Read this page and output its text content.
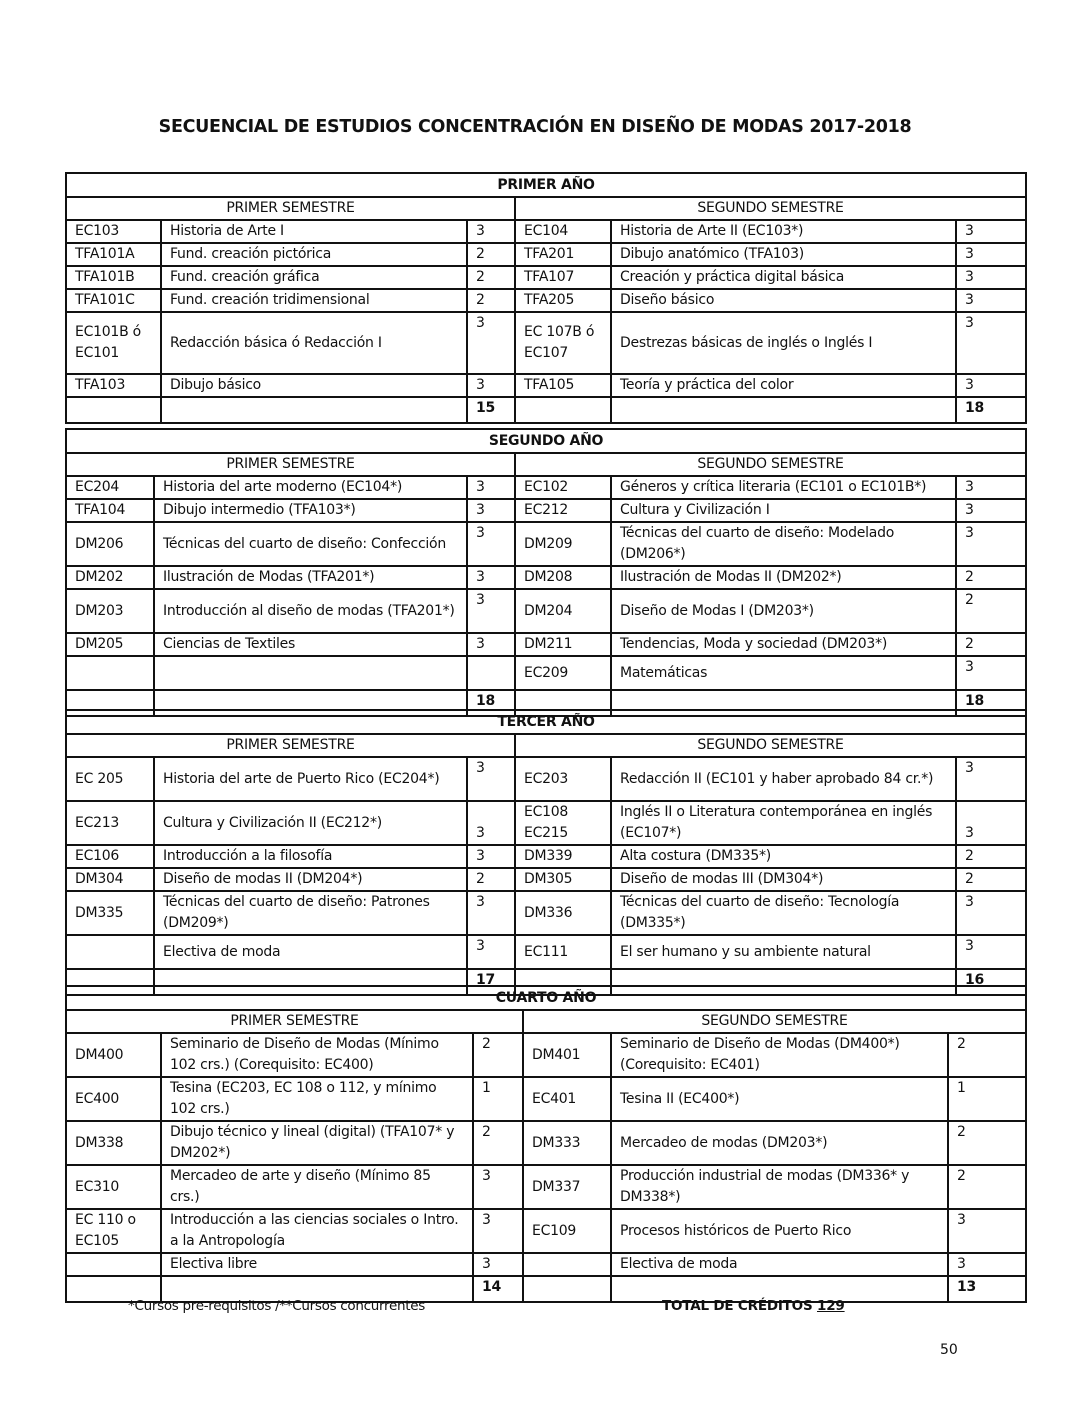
SECUENCIAL DE ESTUDIOS CONCENTRACIÓN EN DISEÑO DE MODAS 2017-2018
PRIMER AÑO					
PRIMER SEMESTRE			SEGUNDO SEMESTRE		
EC103	Historia de Arte I	3	EC104	Historia de Arte II (EC103*)	3
TFA101A	Fund. creación pictórica	2	TFA201	Dibujo anatómico (TFA103)	3
TFA101B	Fund. creación gráfica	2	TFA107	Creación y práctica digital básica	3
TFA101C	Fund. creación tridimensional	2	TFA205	Diseño básico	3
EC101B ó EC101	Redacción básica ó Redacción I	3	EC 107B ó EC107	Destrezas básicas de inglés o Inglés I	3
TFA103	Dibujo básico	3	TFA105	Teoría y práctica del color	3
		15			18
SEGUNDO AÑO					
PRIMER SEMESTRE			SEGUNDO SEMESTRE		
EC204	Historia del arte moderno (EC104*)	3	EC102	Géneros y crítica literaria (EC101 o EC101B*)	3
TFA104	Dibujo intermedio (TFA103*)	3	EC212	Cultura y Civilización I	3
DM206	Técnicas del cuarto de diseño: Confección	3	DM209	Técnicas del cuarto de diseño: Modelado (DM206*)	3
DM202	Ilustración de Modas (TFA201*)	3	DM208	Ilustración de Modas II (DM202*)	2
DM203	Introducción al diseño de modas (TFA201*)	3	DM204	Diseño de Modas I (DM203*)	2
DM205	Ciencias de Textiles	3	DM211	Tendencias, Moda y sociedad (DM203*)	2
			EC209	Matemáticas	3
		18			18
TERCER AÑO					
PRIMER SEMESTRE			SEGUNDO SEMESTRE		
EC 205	Historia del arte de Puerto Rico (EC204*)	3	EC203	Redacción II (EC101 y haber aprobado 84 cr.*)	3
EC213	Cultura y Civilización II (EC212*)	3	EC108 EC215	Inglés II o Literatura contemporánea en inglés (EC107*)	3
EC106	Introducción a la filosofía	3	DM339	Alta costura (DM335*)	2
DM304	Diseño de modas II (DM204*)	2	DM305	Diseño de modas III (DM304*)	2
DM335	Técnicas del cuarto de diseño: Patrones (DM209*)	3	DM336	Técnicas del cuarto de diseño: Tecnología (DM335*)	3
	Electiva de moda	3	EC111	El ser humano y su ambiente natural	3
		17			16
CUARTO AÑO					
PRIMER SEMESTRE			SEGUNDO SEMESTRE		
DM400	Seminario de Diseño de Modas (Mínimo 102 crs.) (Corequisito: EC400)	2	DM401	Seminario de Diseño de Modas (DM400*) (Corequisito: EC401)	2
EC400	Tesina (EC203, EC 108 o 112, y mínimo 102 crs.)	1	EC401	Tesina II (EC400*)	1
DM338	Dibujo técnico y lineal (digital) (TFA107* y DM202*)	2	DM333	Mercadeo de modas (DM203*)	2
EC310	Mercadeo de arte y diseño (Mínimo 85 crs.)	3	DM337	Producción industrial de modas (DM336* y DM338*)	2
EC 110 o EC105	Introducción a las ciencias sociales o Intro. a la Antropología	3	EC109	Procesos históricos de Puerto Rico	3
	Electiva libre	3		Electiva de moda	3
		14			13
*Cursos pre-requisitos /**Cursos concurrentes	TOTAL DE CRÉDITOS 129
50
